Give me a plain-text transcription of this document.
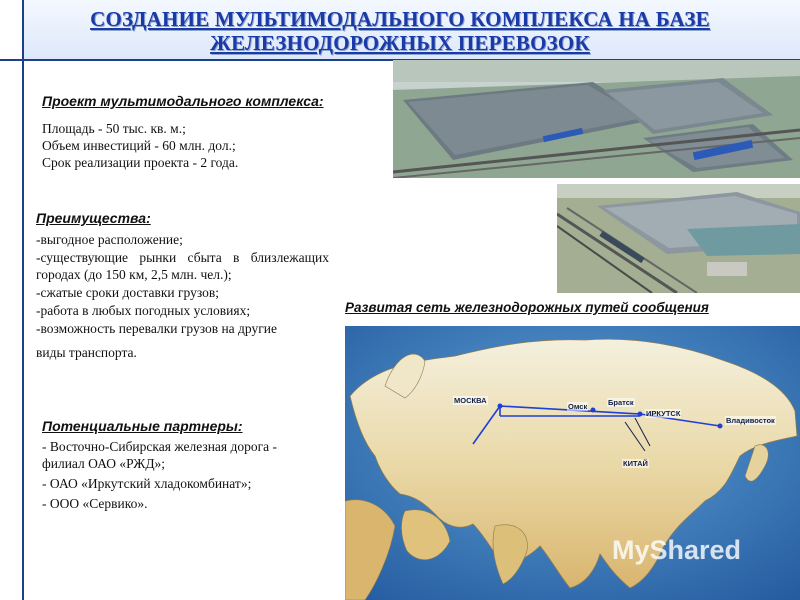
СОЗДАНИЕ МУЛЬТИМОДАЛЬНОГО КОМПЛЕКСА НА БАЗЕ
ЖЕЛЕЗНОДОРОЖНЫХ ПЕРЕВОЗОК
Проект мультимодального комплекса:
Площадь - 50 тыс. кв. м.;
Объем инвестиций - 60 млн. дол.;
Срок реализации проекта - 2 года.
Преимущества:
-выгодное расположение;
-существующие рынки сбыта в близлежащих городах (до 150 км, 2,5 млн. чел.);
-сжатые сроки доставки грузов;
-работа в любых погодных условиях;
-возможность перевалки грузов на другие
виды транспорта.
Потенциальные партнеры:
- Восточно-Сибирская железная дорога - филиал ОАО «РЖД»;
- ОАО «Иркутский хладокомбинат»;
- ООО «Сервико».
Развитая сеть железнодорожных путей сообщения
МОСКВА
Омск	Братск
ИРКУТСК
Владивосток
КИТАЙ
MyShared
